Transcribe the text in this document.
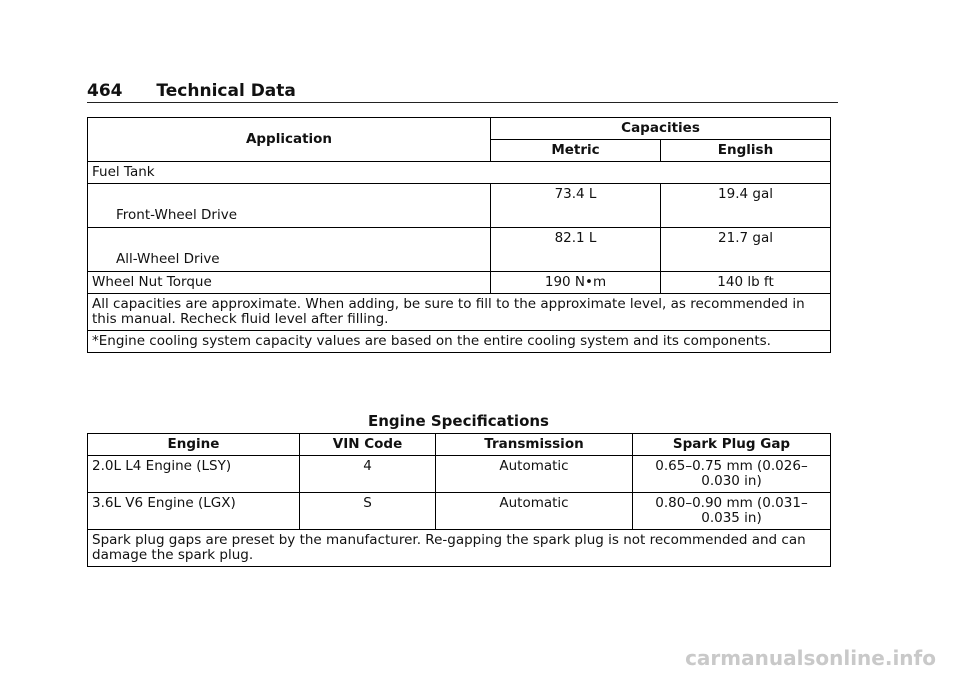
464 Technical Data
Application	Capacities	
	Metric	English
Fuel Tank		
Front-Wheel Drive	73.4 L	19.4 gal
All-Wheel Drive	82.1 L	21.7 gal
Wheel Nut Torque	190 N•m	140 lb ft
All capacities are approximate. When adding, be sure to fill to the approximate level, as recommended in this manual. Recheck fluid level after filling.		
*Engine cooling system capacity values are based on the entire cooling system and its components.		
Engine Specifications
Engine	VIN Code	Transmission	Spark Plug Gap
2.0L L4 Engine (LSY)	4	Automatic	0.65–0.75 mm (0.026–0.030 in)
3.6L V6 Engine (LGX)	S	Automatic	0.80–0.90 mm (0.031–0.035 in)
Spark plug gaps are preset by the manufacturer. Re-gapping the spark plug is not recommended and can damage the spark plug.			
carmanualsonline.info
